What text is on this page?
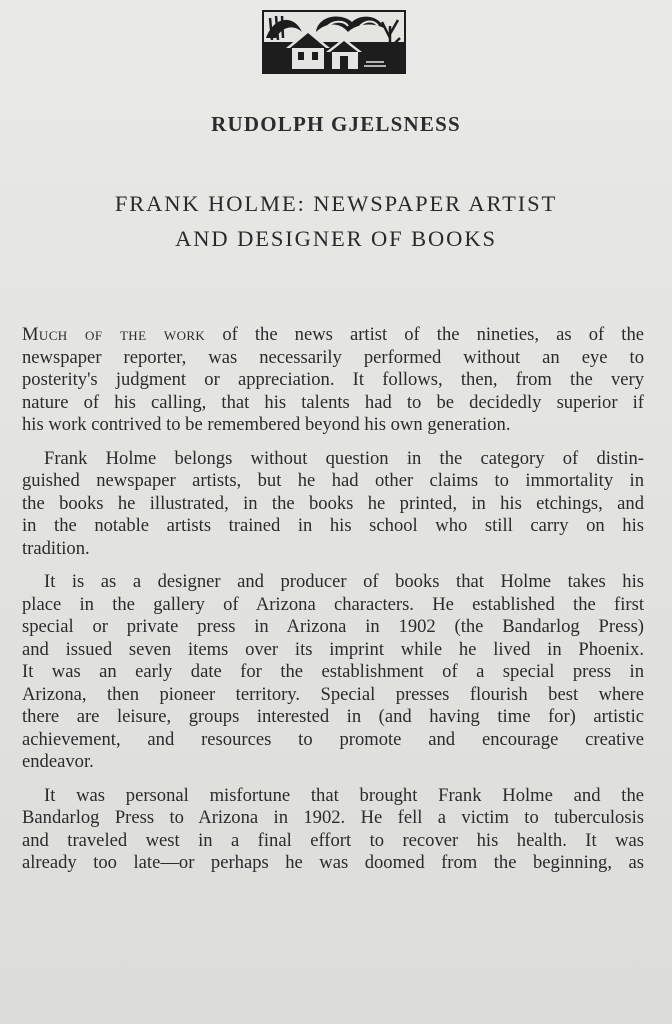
RUDOLPH GJELSNESS
FRANK HOLME: NEWSPAPER ARTIST
AND DESIGNER OF BOOKS

Much of the work of the news artist of the nineties, as of the
newspaper reporter, was necessarily performed without an eye to
posterity's judgment or appreciation. It follows, then, from the very
nature of his calling, that his talents had to be decidedly superior if
his work contrived to be remembered beyond his own generation.

Frank Holme belongs without question in the category of distin-
guished newspaper artists, but he had other claims to immortality in
the books he illustrated, in the books he printed, in his etchings, and
in the notable artists trained in his school who still carry on his
tradition.

It is as a designer and producer of books that Holme takes his
place in the gallery of Arizona characters. He established the first
special or private press in Arizona in 1902 (the Bandarlog Press)
and issued seven items over its imprint while he lived in Phoenix.
It was an early date for the establishment of a special press in
Arizona, then pioneer territory. Special presses flourish best where
there are leisure, groups interested in (and having time for) artistic
achievement, and resources to promote and encourage creative
endeavor.

It was personal misfortune that brought Frank Holme and the
Bandarlog Press to Arizona in 1902. He fell a victim to tuberculosis
and traveled west in a final effort to recover his health. It was
already too late—or perhaps he was doomed from the beginning, as
